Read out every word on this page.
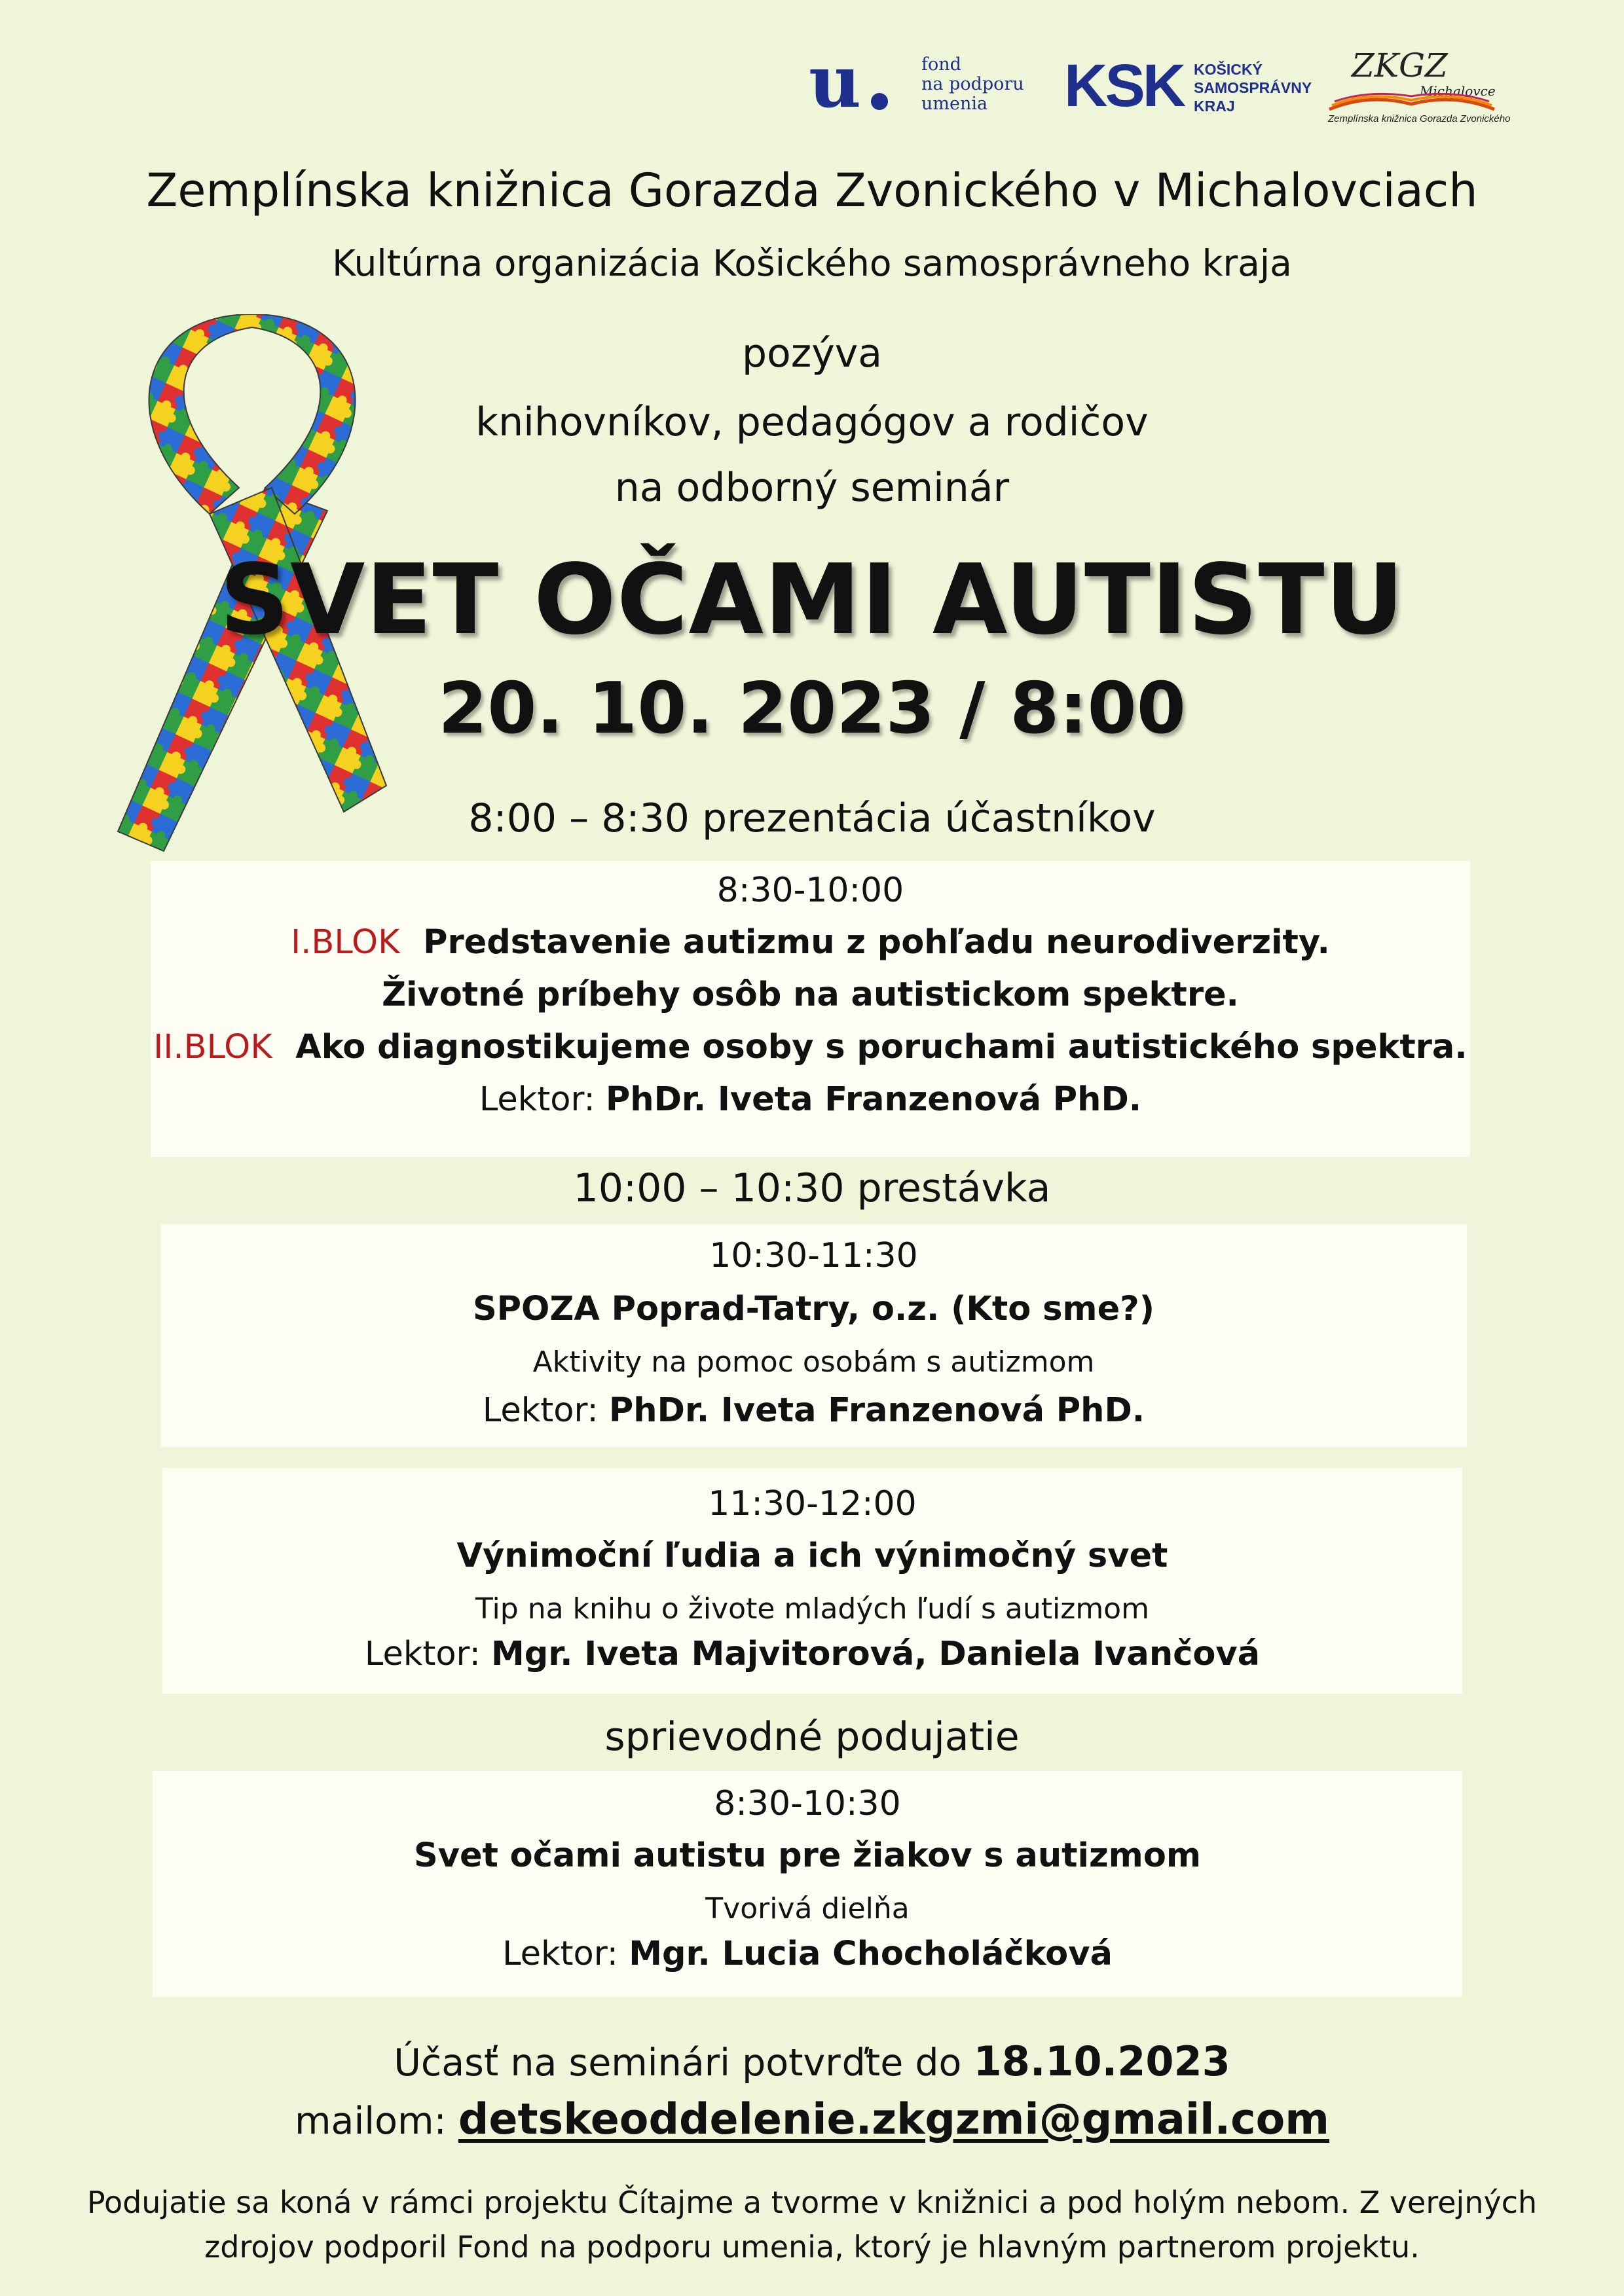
u	fond
na podporu
umenia	KSK KOŠICKÝ
SAMOSPRÁVNY
KRAJ
ZKGZ
Michalovce
Zemplínska knižnica Gorazda Zvonického
Zemplínska knižnica Gorazda Zvonického v Michalovciach
Kultúrna organizácia Košického samosprávneho kraja
pozýva
knihovníkov, pedagógov a rodičov
na odborný seminár
SVET OČAMI AUTISTU
20. 10. 2023 / 8:00
8:00 – 8:30 prezentácia účastníkov
8:30-10:00
I.BLOK Predstavenie autizmu z pohľadu neurodiverzity.
Životné príbehy osôb na autistickom spektre.
II.BLOK Ako diagnostikujeme osoby s poruchami autistického spektra.
Lektor: PhDr. Iveta Franzenová PhD.
10:00 – 10:30 prestávka
10:30-11:30
SPOZA Poprad-Tatry, o.z. (Kto sme?)
Aktivity na pomoc osobám s autizmom
Lektor: PhDr. Iveta Franzenová PhD.
11:30-12:00
Výnimoční ľudia a ich výnimočný svet
Tip na knihu o živote mladých ľudí s autizmom
Lektor: Mgr. Iveta Majvitorová, Daniela Ivančová
sprievodné podujatie
8:30-10:30
Svet očami autistu pre žiakov s autizmom
Tvorivá dielňa
Lektor: Mgr. Lucia Chocholáčková
Účasť na seminári potvrďte do 18.10.2023
mailom: detskeoddelenie.zkgzmi@gmail.com
Podujatie sa koná v rámci projektu Čítajme a tvorme v knižnici a pod holým nebom. Z verejných
zdrojov podporil Fond na podporu umenia, ktorý je hlavným partnerom projektu.
